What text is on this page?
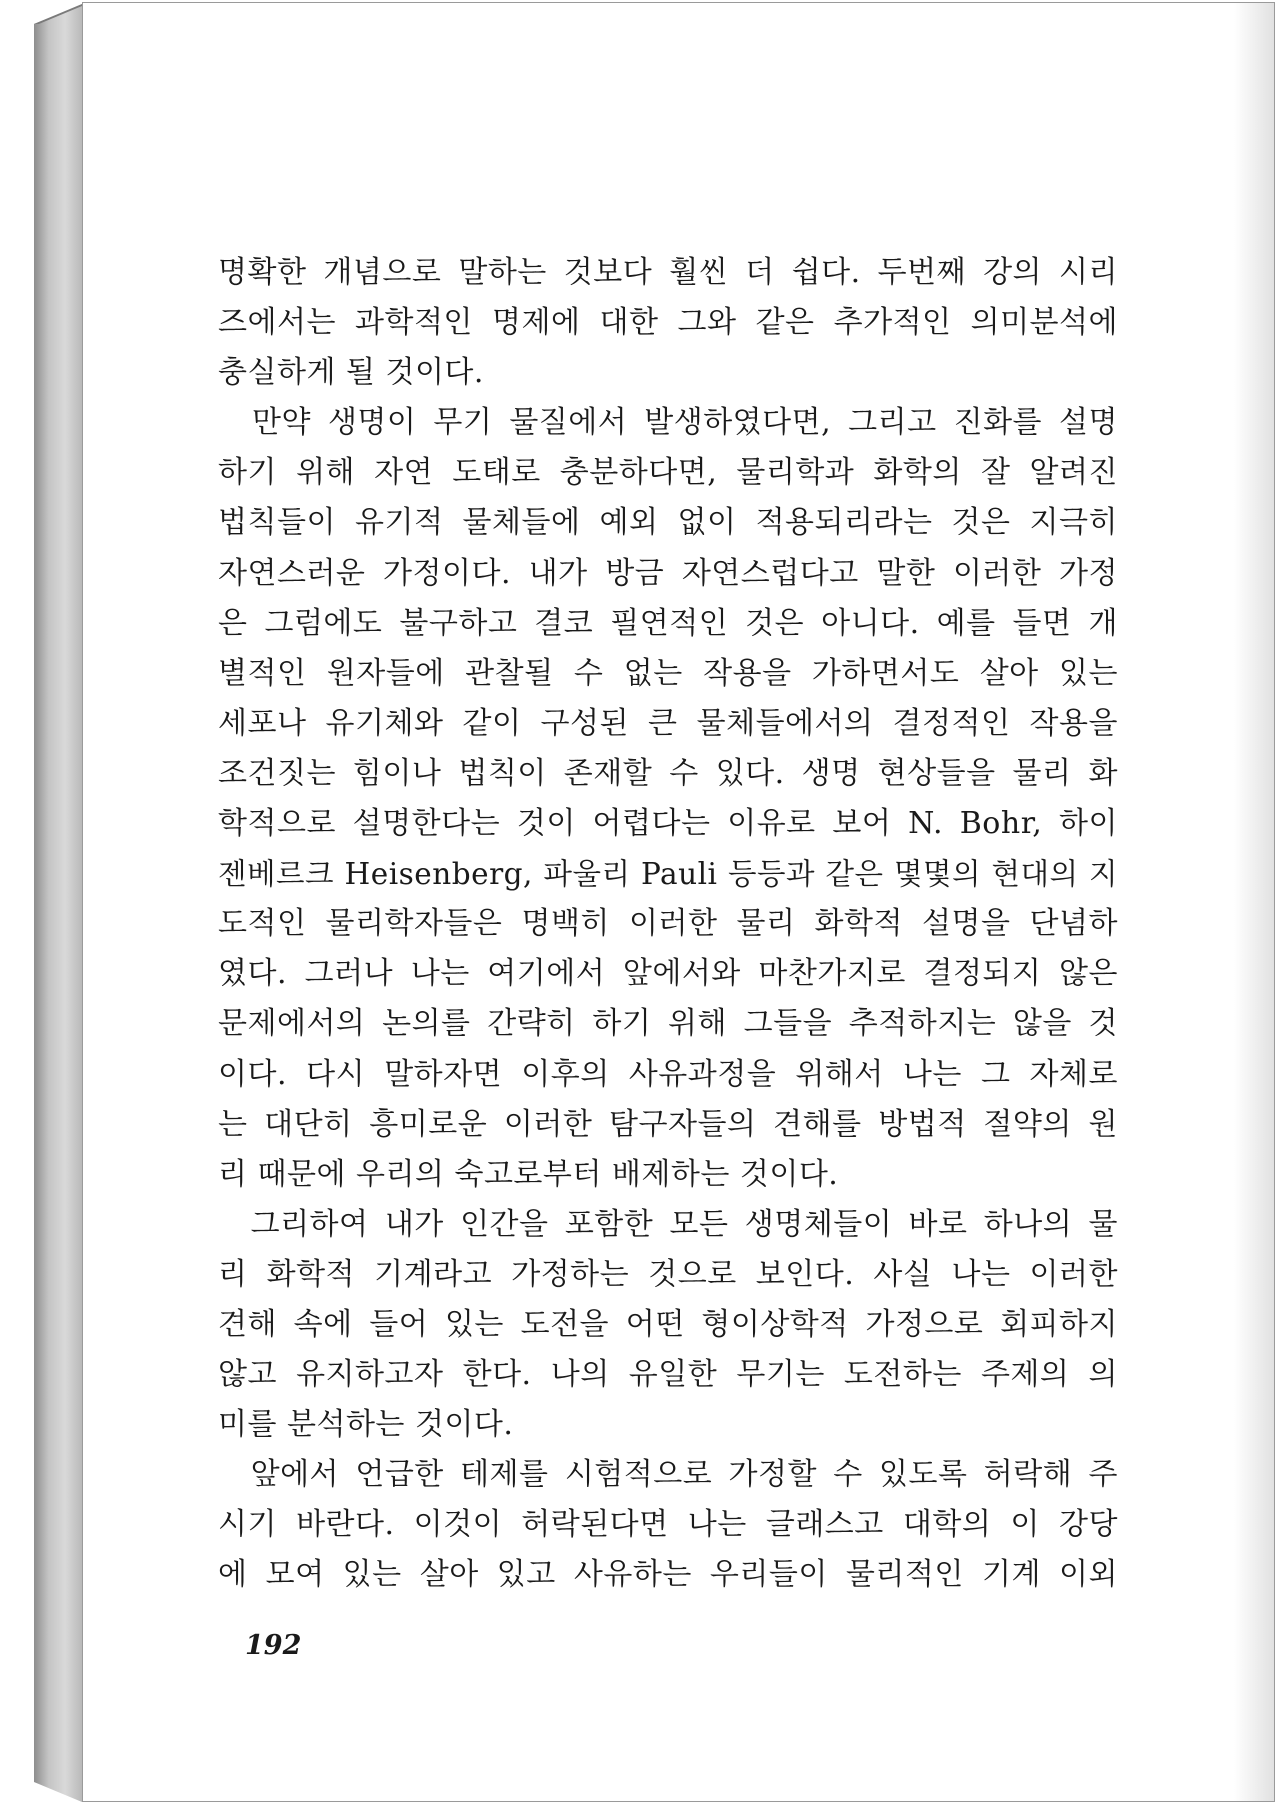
명확한 개념으로 말하는 것보다 훨씬 더 쉽다. 두번째 강의 시리
즈에서는 과학적인 명제에 대한 그와 같은 추가적인 의미분석에
충실하게 될 것이다.
만약 생명이 무기 물질에서 발생하였다면, 그리고 진화를 설명
하기 위해 자연 도태로 충분하다면, 물리학과 화학의 잘 알려진
법칙들이 유기적 물체들에 예외 없이 적용되리라는 것은 지극히
자연스러운 가정이다. 내가 방금 자연스럽다고 말한 이러한 가정
은 그럼에도 불구하고 결코 필연적인 것은 아니다. 예를 들면 개
별적인 원자들에 관찰될 수 없는 작용을 가하면서도 살아 있는
세포나 유기체와 같이 구성된 큰 물체들에서의 결정적인 작용을
조건짓는 힘이나 법칙이 존재할 수 있다. 생명 현상들을 물리 화
학적으로 설명한다는 것이 어렵다는 이유로 보어 N. Bohr, 하이
젠베르크 Heisenberg, 파울리 Pauli 등등과 같은 몇몇의 현대의 지
도적인 물리학자들은 명백히 이러한 물리 화학적 설명을 단념하
였다. 그러나 나는 여기에서 앞에서와 마찬가지로 결정되지 않은
문제에서의 논의를 간략히 하기 위해 그들을 추적하지는 않을 것
이다. 다시 말하자면 이후의 사유과정을 위해서 나는 그 자체로
는 대단히 흥미로운 이러한 탐구자들의 견해를 방법적 절약의 원
리 때문에 우리의 숙고로부터 배제하는 것이다.
그리하여 내가 인간을 포함한 모든 생명체들이 바로 하나의 물
리 화학적 기계라고 가정하는 것으로 보인다. 사실 나는 이러한
견해 속에 들어 있는 도전을 어떤 형이상학적 가정으로 회피하지
않고 유지하고자 한다. 나의 유일한 무기는 도전하는 주제의 의
미를 분석하는 것이다.
앞에서 언급한 테제를 시험적으로 가정할 수 있도록 허락해 주
시기 바란다. 이것이 허락된다면 나는 글래스고 대학의 이 강당
에 모여 있는 살아 있고 사유하는 우리들이 물리적인 기계 이외
192
